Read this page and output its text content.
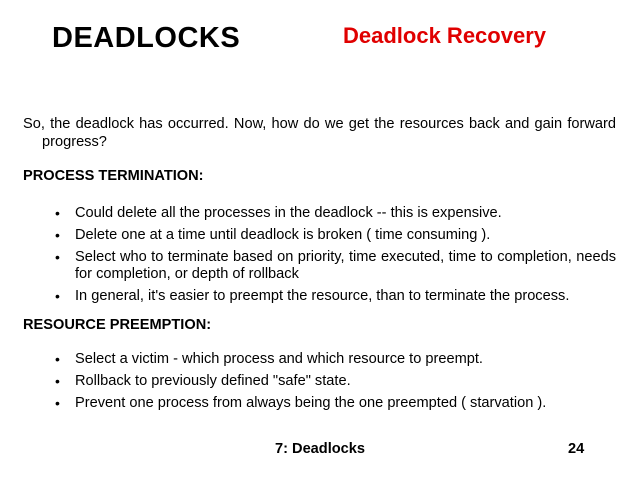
DEADLOCKS	Deadlock Recovery

So, the deadlock has occurred. Now, how do we get the resources back and gain forward progress?

PROCESS TERMINATION:

• Could delete all the processes in the deadlock -- this is expensive.
• Delete one at a time until deadlock is broken ( time consuming ).
• Select who to terminate based on priority, time executed, time to completion, needs for completion, or depth of rollback
• In general, it's easier to preempt the resource, than to terminate the process.

RESOURCE PREEMPTION:

• Select a victim - which process and which resource to preempt.
• Rollback to previously defined "safe" state.
• Prevent one process from always being the one preempted ( starvation ).

7: Deadlocks	24
